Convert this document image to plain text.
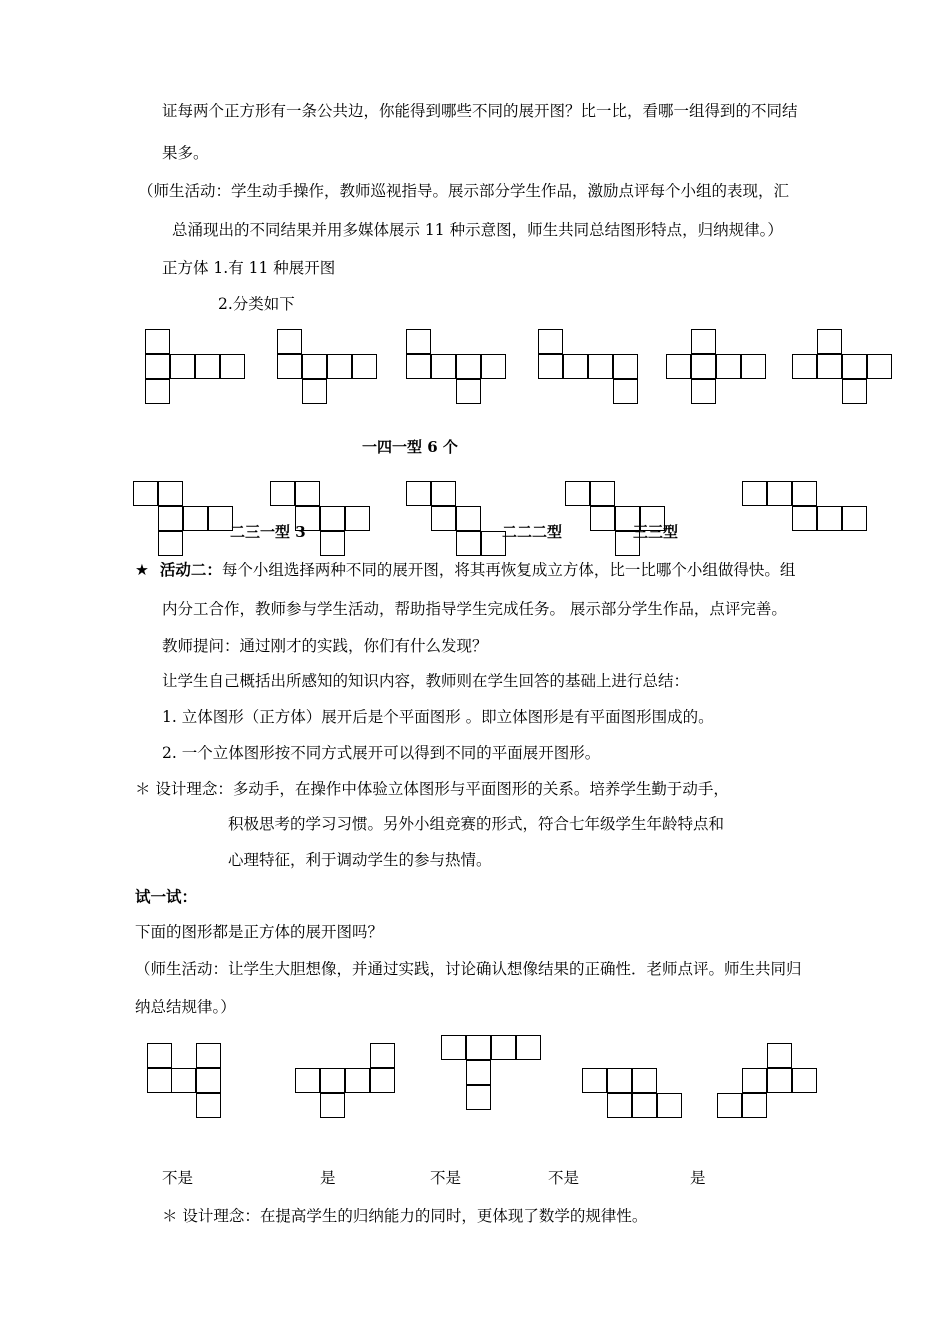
证每两个正方形有一条公共边，你能得到哪些不同的展开图？比一比，看哪一组得到的不同结
果多。
（师生活动：学生动手操作，教师巡视指导。展示部分学生作品，激励点评每个小组的表现，汇
总涌现出的不同结果并用多媒体展示 11 种示意图，师生共同总结图形特点，归纳规律。）
正方体 1.有 11 种展开图
2.分类如下
一四一型 6 个
二三一型 3	二二二型	三三型
★ 活动二：每个小组选择两种不同的展开图，将其再恢复成立方体，比一比哪个小组做得快。组
内分工合作，教师参与学生活动，帮助指导学生完成任务。 展示部分学生作品，点评完善。
教师提问：通过刚才的实践，你们有什么发现？
让学生自己概括出所感知的知识内容，教师则在学生回答的基础上进行总结：
1. 立体图形（正方体）展开后是个平面图形 。即立体图形是有平面图形围成的。
2. 一个立体图形按不同方式展开可以得到不同的平面展开图形。
＊ 设计理念：多动手，在操作中体验立体图形与平面图形的关系。培养学生勤于动手，
积极思考的学习习惯。另外小组竞赛的形式，符合七年级学生年龄特点和
心理特征，利于调动学生的参与热情。
试一试：
下面的图形都是正方体的展开图吗？
（师生活动：让学生大胆想像，并通过实践，讨论确认想像结果的正确性．老师点评。师生共同归
纳总结规律。）
不是	是	不是	不是	是
＊ 设计理念：在提高学生的归纳能力的同时，更体现了数学的规律性。
